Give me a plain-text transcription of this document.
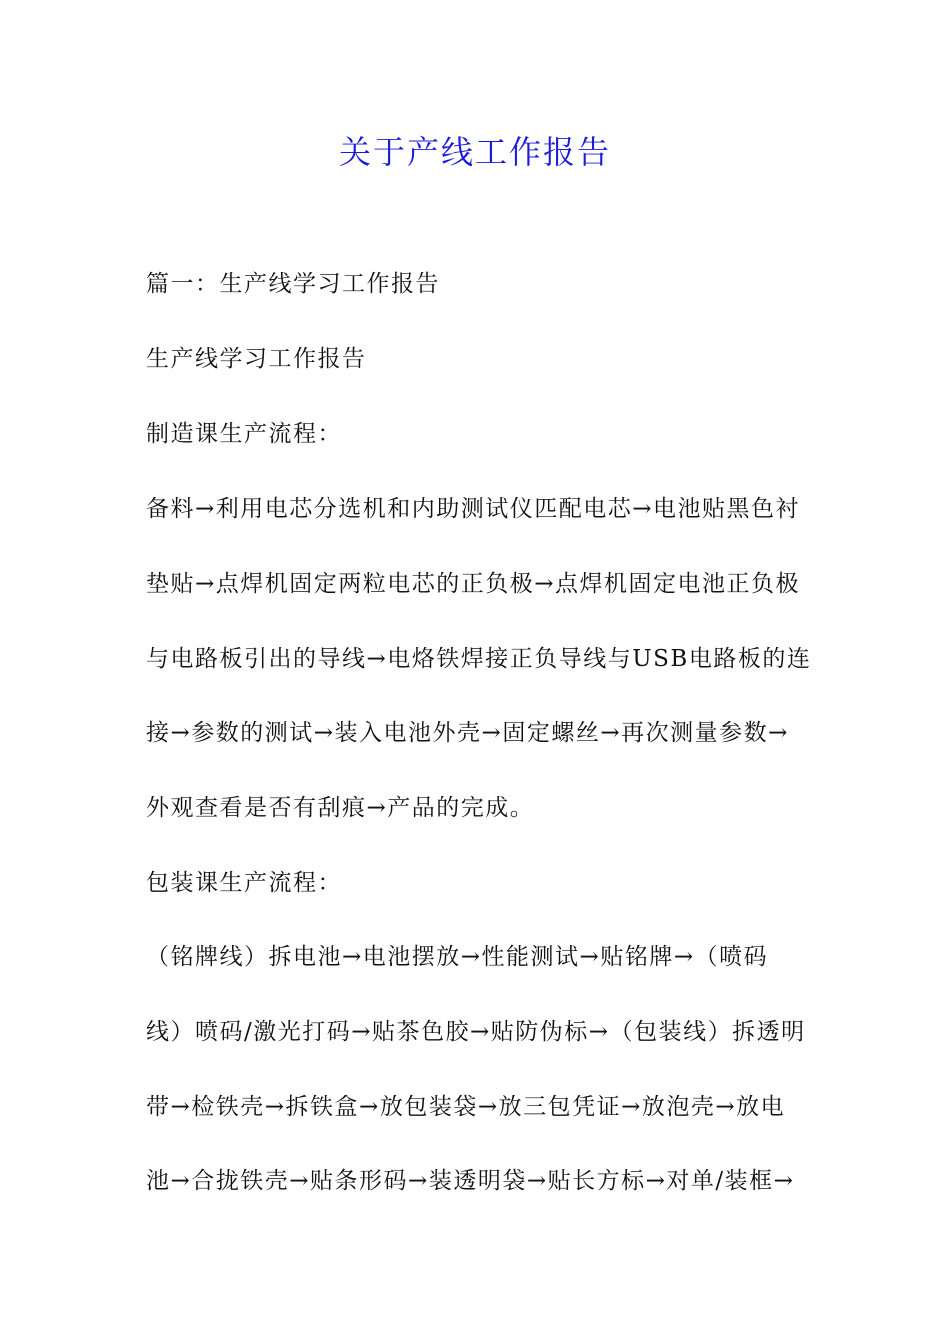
关于产线工作报告
篇一：生产线学习工作报告
生产线学习工作报告
制造课生产流程：
备料→利用电芯分选机和内助测试仪匹配电芯→电池贴黑色衬
垫贴→点焊机固定两粒电芯的正负极→点焊机固定电池正负极
与电路板引出的导线→电烙铁焊接正负导线与USB电路板的连
接→参数的测试→装入电池外壳→固定螺丝→再次测量参数→
外观查看是否有刮痕→产品的完成。
包装课生产流程：
（铭牌线）拆电池→电池摆放→性能测试→贴铭牌→（喷码
线）喷码/激光打码→贴茶色胶→贴防伪标→（包装线）拆透明
带→检铁壳→拆铁盒→放包装袋→放三包凭证→放泡壳→放电
池→合拢铁壳→贴条形码→装透明袋→贴长方标→对单/装框→
